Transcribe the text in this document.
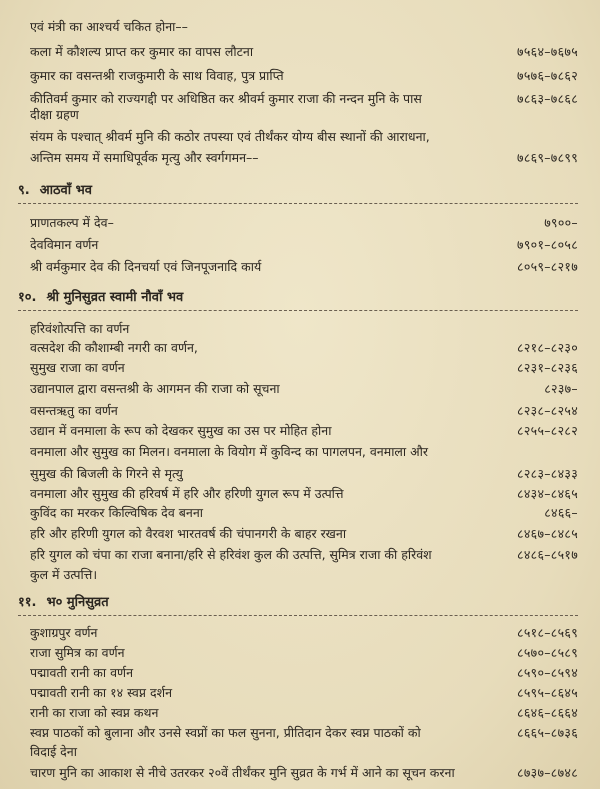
एवं मंत्री का आश्चर्य चकित होना––
कला में कौशल्य प्राप्त कर कुमार का वापस लौटना	७५६४–७६७५
कुमार का वसन्तश्री राजकुमारी के साथ विवाह, पुत्र प्राप्ति	७५७६–७८६२
कीतिवर्म कुमार को राज्यगद्दी पर अधिष्ठित कर श्रीवर्म कुमार राजा की नन्दन मुनि के पास	७८६३–७८६८
दीक्षा ग्रहण
संयम के पश्चात् श्रीवर्म मुनि की कठोर तपस्या एवं तीर्थंकर योग्य बीस स्थानों की आराधना,
अन्तिम समय में समाधिपूर्वक मृत्यु और स्वर्गगमन––	७८६९–७८९९
९. आठवाँ भव
प्राणतकल्प में देव–	७९००–
देवविमान वर्णन	७९०१–८०५८
श्री वर्मकुमार देव की दिनचर्या एवं जिनपूजनादि कार्य	८०५९–८२१७
१०. श्री मुनिसुव्रत स्वामी नौवाँ भव
हरिवंशोत्पत्ति का वर्णन
वत्सदेश की कौशाम्बी नगरी का वर्णन,	८२१८–८२३०
सुमुख राजा का वर्णन	८२३१–८२३६
उद्यानपाल द्वारा वसन्तश्री के आगमन की राजा को सूचना	८२३७–
वसन्तऋतु का वर्णन	८२३८–८२५४
उद्यान में वनमाला के रूप को देखकर सुमुख का उस पर मोहित होना	८२५५–८२८२
वनमाला और सुमुख का मिलन। वनमाला के वियोग में कुविन्द का पागलपन, वनमाला और
सुमुख की बिजली के गिरने से मृत्यु	८२८३–८४३३
वनमाला और सुमुख की हरिवर्ष में हरि और हरिणी युगल रूप में उत्पत्ति	८४३४–८४६५
कुविंद का मरकर किल्विषिक देव बनना	८४६६–
हरि और हरिणी युगल को वैरवश भारतवर्ष की चंपानगरी के बाहर रखना	८४६७–८४८५
हरि युगल को चंपा का राजा बनाना/हरि से हरिवंश कुल की उत्पत्ति, सुमित्र राजा की हरिवंश	८४८६–८५१७
कुल में उत्पत्ति।
११. भ० मुनिसुव्रत
कुशाग्रपुर वर्णन	८५१८–८५६९
राजा सुमित्र का वर्णन	८५७०–८५८९
पद्मावती रानी का वर्णन	८५९०–८५९४
पद्मावती रानी का १४ स्वप्न दर्शन	८५९५–८६४५
रानी का राजा को स्वप्न कथन	८६४६–८६६४
स्वप्न पाठकों को बुलाना और उनसे स्वप्नों का फल सुनना, प्रीतिदान देकर स्वप्न पाठकों को	८६६५–८७३६
विदाई देना
चारण मुनि का आकाश से नीचे उतरकर २०वें तीर्थंकर मुनि सुव्रत के गर्भ में आने का सूचन करना	८७३७–८७४८
